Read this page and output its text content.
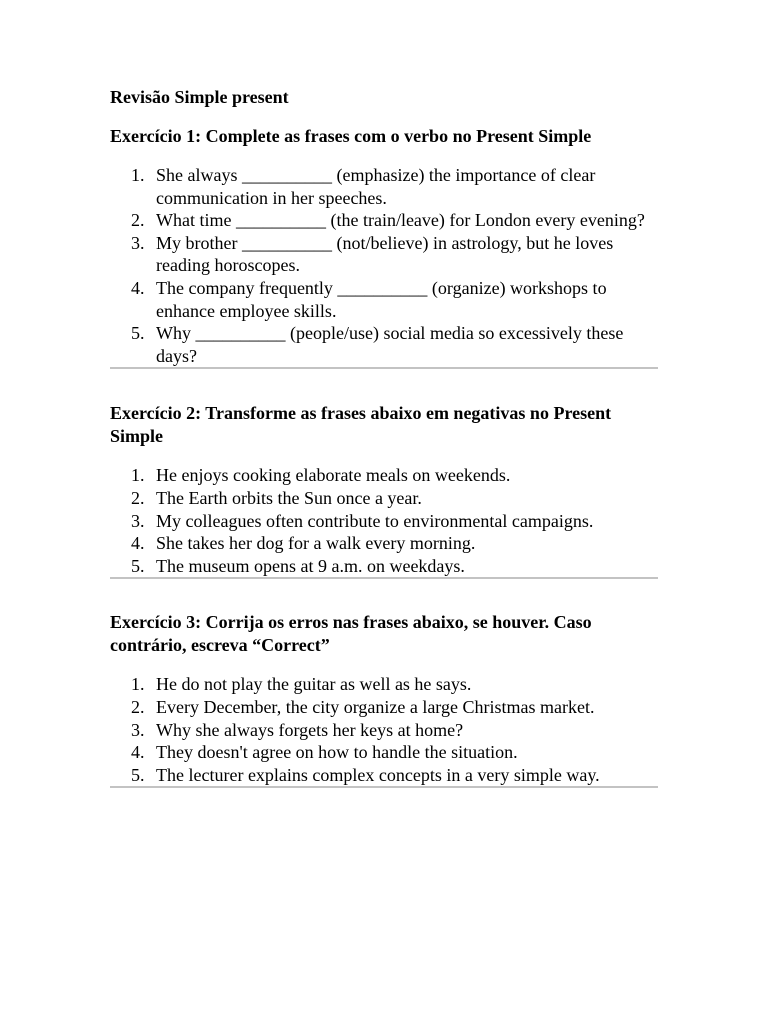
Revisão Simple present
Exercício 1: Complete as frases com o verbo no Present Simple
1. She always __________ (emphasize) the importance of clear communication in her speeches.
2. What time __________ (the train/leave) for London every evening?
3. My brother __________ (not/believe) in astrology, but he loves reading horoscopes.
4. The company frequently __________ (organize) workshops to enhance employee skills.
5. Why __________ (people/use) social media so excessively these days?
Exercício 2: Transforme as frases abaixo em negativas no Present Simple
1. He enjoys cooking elaborate meals on weekends.
2. The Earth orbits the Sun once a year.
3. My colleagues often contribute to environmental campaigns.
4. She takes her dog for a walk every morning.
5. The museum opens at 9 a.m. on weekdays.
Exercício 3: Corrija os erros nas frases abaixo, se houver. Caso contrário, escreva “Correct”
1. He do not play the guitar as well as he says.
2. Every December, the city organize a large Christmas market.
3. Why she always forgets her keys at home?
4. They doesn't agree on how to handle the situation.
5. The lecturer explains complex concepts in a very simple way.
